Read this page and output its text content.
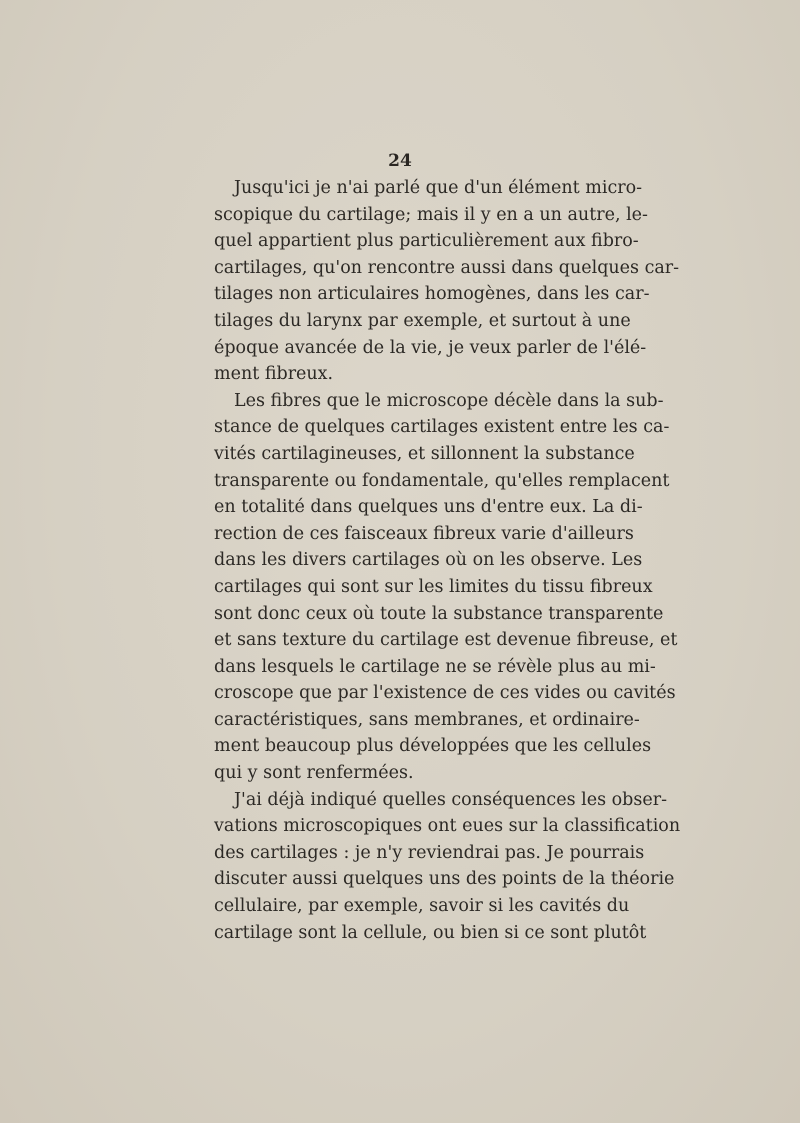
24
Jusqu'ici je n'ai parlé que d'un élément micro-
scopique du cartilage; mais il y en a un autre, le-
quel appartient plus particulièrement aux fibro-
cartilages, qu'on rencontre aussi dans quelques car-
tilages non articulaires homogènes, dans les car-
tilages du larynx par exemple, et surtout à une
époque avancée de la vie, je veux parler de l'élé-
ment fibreux.
Les fibres que le microscope décèle dans la sub-
stance de quelques cartilages existent entre les ca-
vités cartilagineuses, et sillonnent la substance
transparente ou fondamentale, qu'elles remplacent
en totalité dans quelques uns d'entre eux. La di-
rection de ces faisceaux fibreux varie d'ailleurs
dans les divers cartilages où on les observe. Les
cartilages qui sont sur les limites du tissu fibreux
sont donc ceux où toute la substance transparente
et sans texture du cartilage est devenue fibreuse, et
dans lesquels le cartilage ne se révèle plus au mi-
croscope que par l'existence de ces vides ou cavités
caractéristiques, sans membranes, et ordinaire-
ment beaucoup plus développées que les cellules
qui y sont renfermées.
J'ai déjà indiqué quelles conséquences les obser-
vations microscopiques ont eues sur la classification
des cartilages : je n'y reviendrai pas. Je pourrais
discuter aussi quelques uns des points de la théorie
cellulaire, par exemple, savoir si les cavités du
cartilage sont la cellule, ou bien si ce sont plutôt
